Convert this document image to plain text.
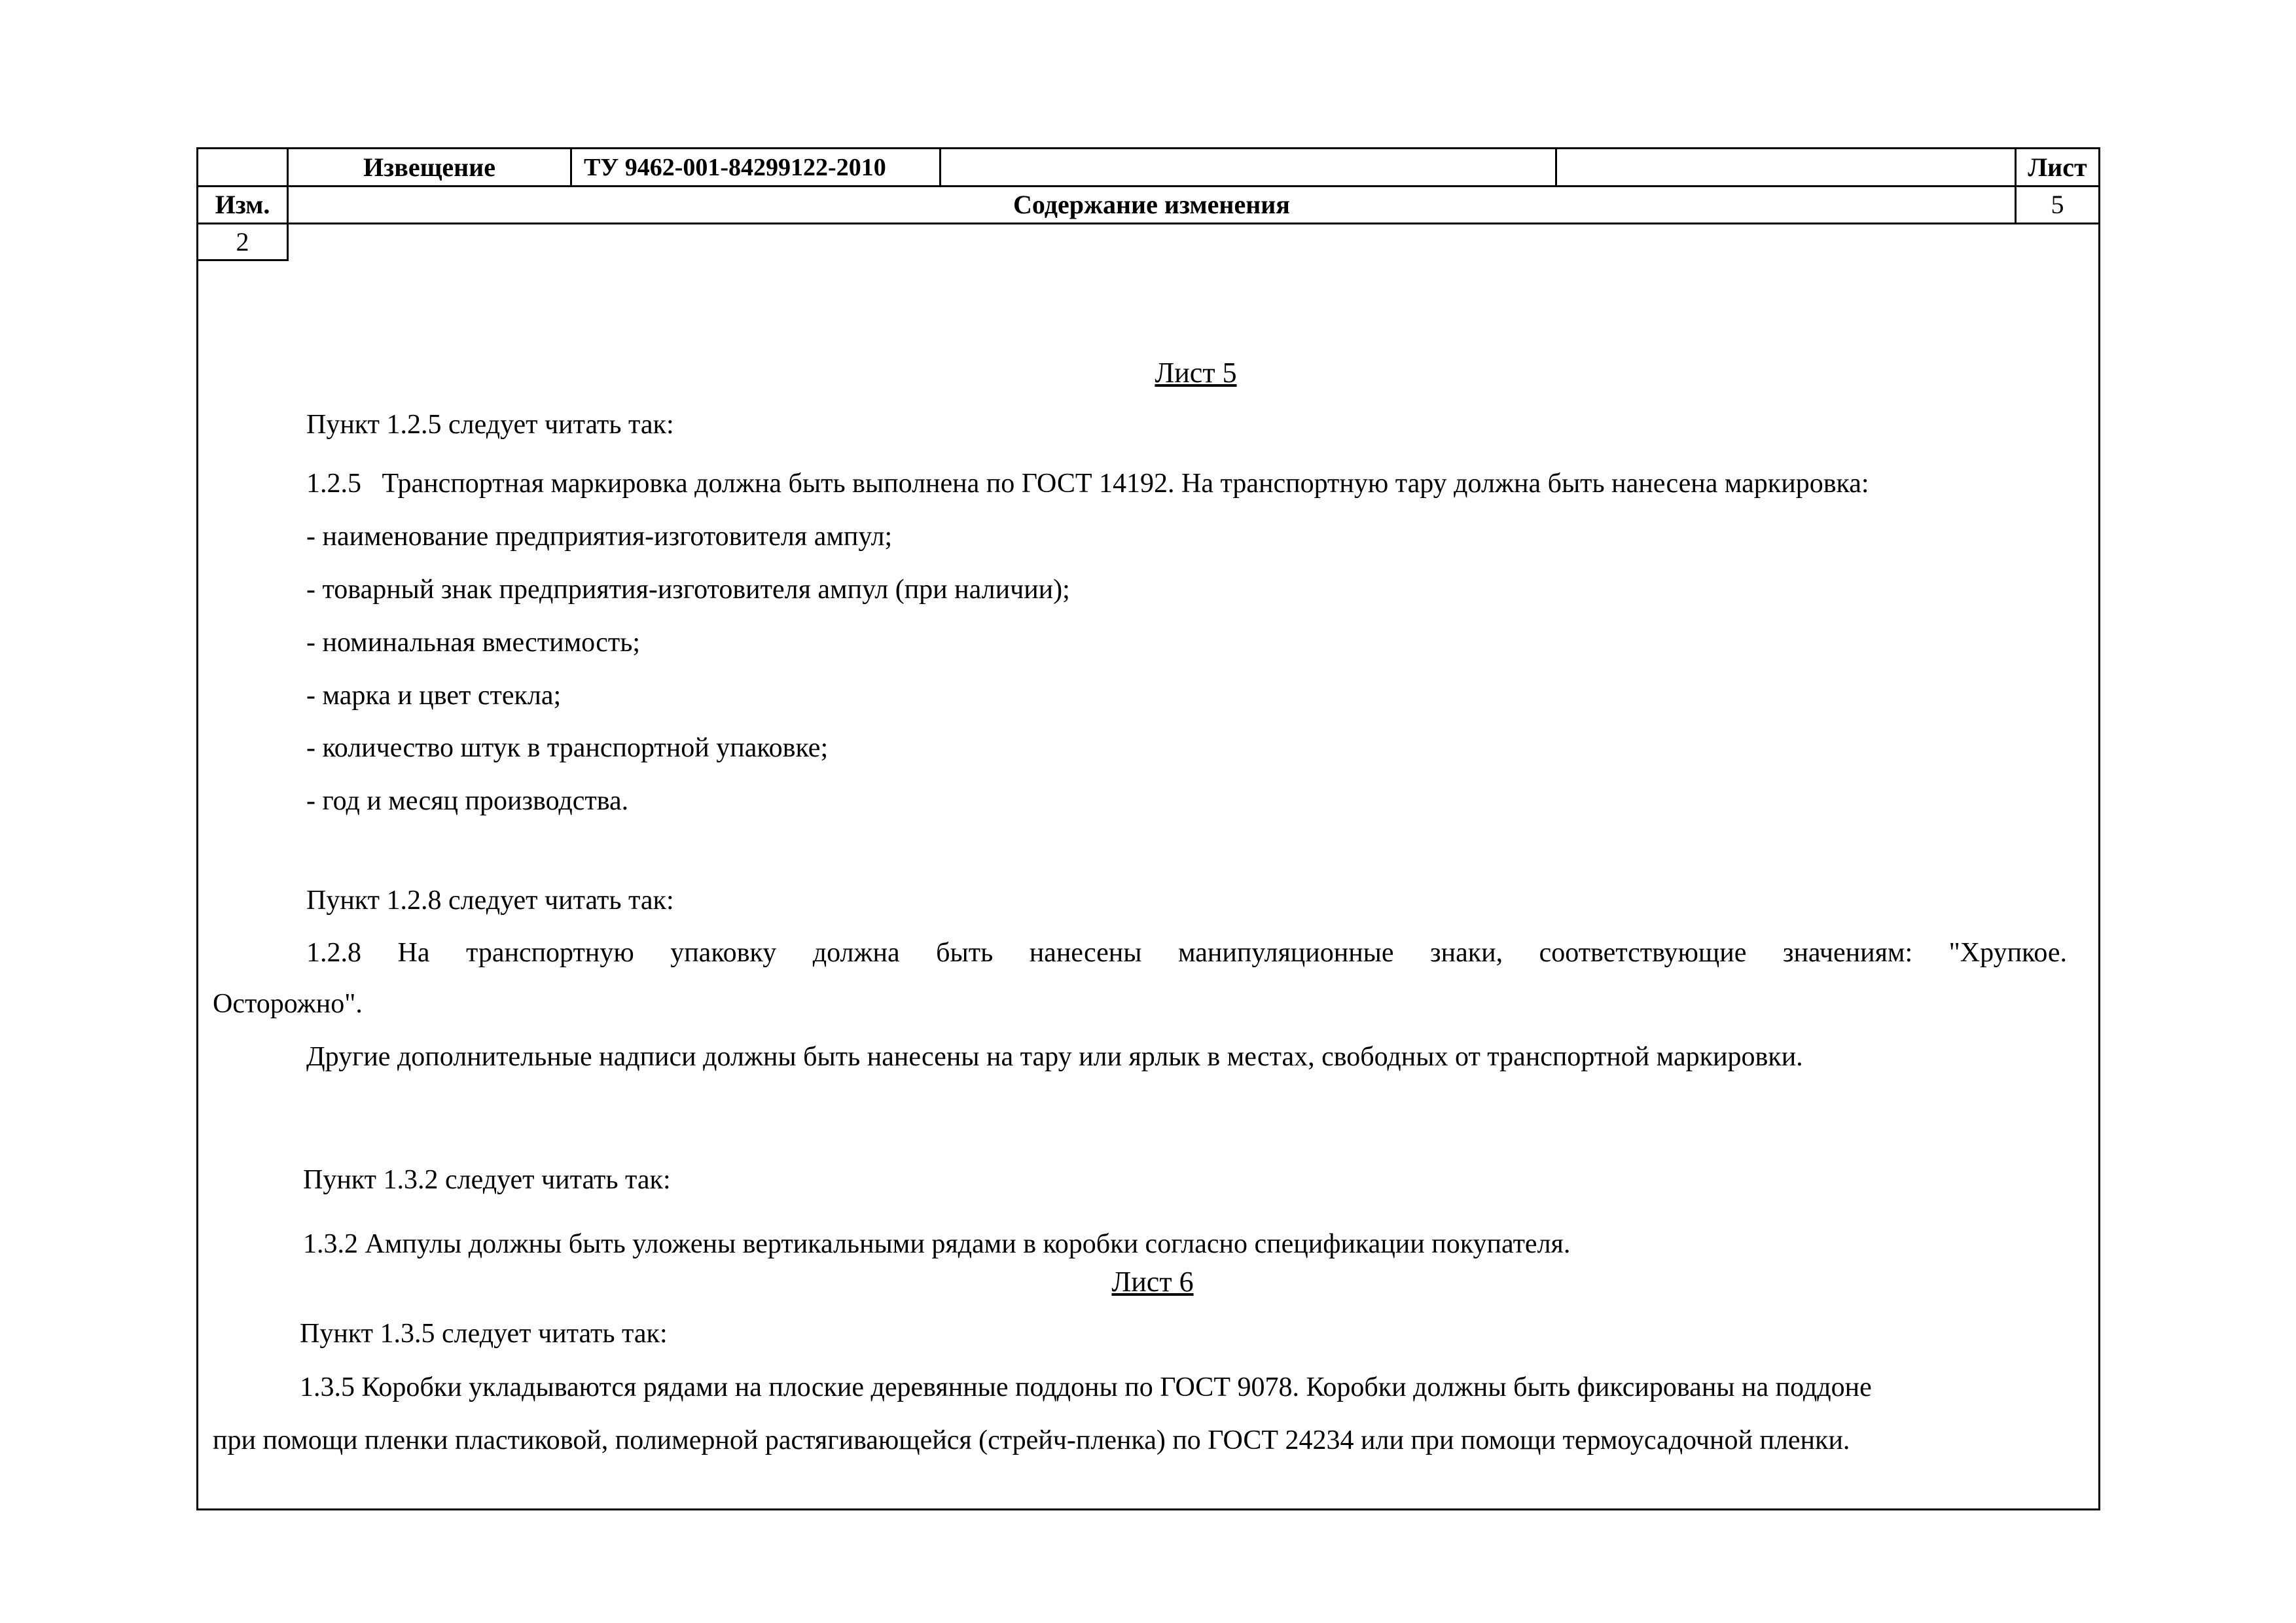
Извещение	ТУ 9462-001-84299122-2010	Лист
Изм.	Содержание изменения	5
2
Лист 5
Пункт 1.2.5 следует читать так:
1.2.5   Транспортная маркировка должна быть выполнена по ГОСТ 14192. На транспортную тару должна быть нанесена маркировка:
- наименование предприятия-изготовителя ампул;
- товарный знак предприятия-изготовителя ампул (при наличии);
- номинальная вместимость;
- марка и цвет стекла;
- количество штук в транспортной упаковке;
- год и месяц производства.
Пункт 1.2.8 следует читать так:
1.2.8 На транспортную упаковку должна быть нанесены манипуляционные знаки, соответствующие значениям: "Хрупкое.
Осторожно".
Другие дополнительные надписи должны быть нанесены на тару или ярлык в местах, свободных от транспортной маркировки.
Пункт 1.3.2 следует читать так:
1.3.2 Ампулы должны быть уложены вертикальными рядами в коробки согласно спецификации покупателя.
Лист 6
Пункт 1.3.5 следует читать так:
1.3.5 Коробки укладываются рядами на плоские деревянные поддоны по ГОСТ 9078. Коробки должны быть фиксированы на поддоне
при помощи пленки пластиковой, полимерной растягивающейся (стрейч-пленка) по ГОСТ 24234 или при помощи термоусадочной пленки.
